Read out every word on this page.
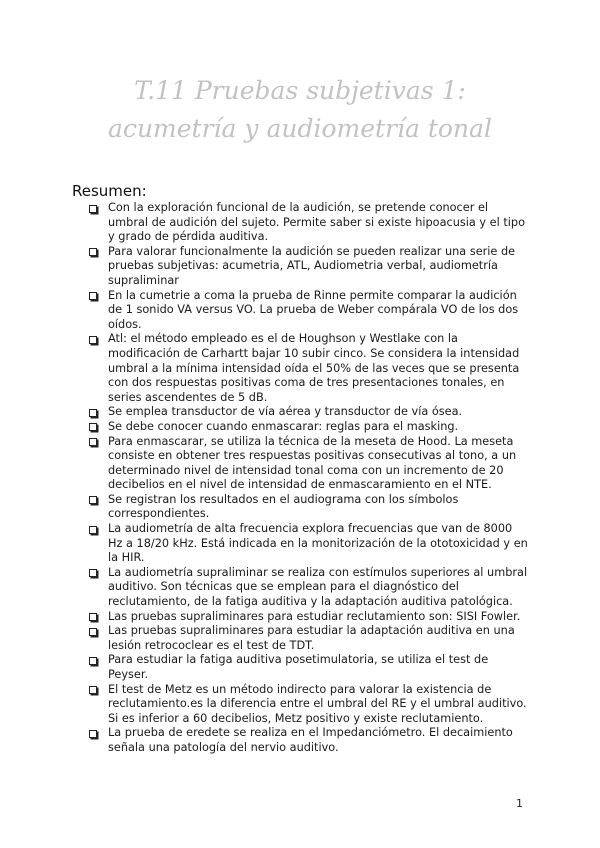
T.11 Pruebas subjetivas 1: acumetría y audiometría tonal
Resumen:
Con la exploración funcional de la audición, se pretende conocer el umbral de audición del sujeto. Permite saber si existe hipoacusia y el tipo y grado de pérdida auditiva.
Para valorar funcionalmente la audición se pueden realizar una serie de pruebas subjetivas: acumetria, ATL, Audiometria verbal, audiometría supraliminar
En la cumetrie a coma la prueba de Rinne permite comparar la audición de 1 sonido VA versus VO. La prueba de Weber compárala VO de los dos oídos.
Atl: el método empleado es el de Houghson y Westlake con la modificación de Carhartt bajar 10 subir cinco. Se considera la intensidad umbral a la mínima intensidad oída el 50% de las veces que se presenta con dos respuestas positivas coma de tres presentaciones tonales, en series ascendentes de 5 dB.
Se emplea transductor de vía aérea y transductor de vía ósea.
Se debe conocer cuando enmascarar: reglas para el masking.
Para enmascarar, se utiliza la técnica de la meseta de Hood. La meseta consiste en obtener tres respuestas positivas consecutivas al tono, a un determinado nivel de intensidad tonal coma con un incremento de 20 decibelios en el nivel de intensidad de enmascaramiento en el NTE.
Se registran los resultados en el audiograma con los símbolos correspondientes.
La audiometría de alta frecuencia explora frecuencias que van de 8000 Hz a 18/20 kHz. Está indicada en la monitorización de la ototoxicidad y en la HIR.
La audiometría supraliminar se realiza con estímulos superiores al umbral auditivo. Son técnicas que se emplean para el diagnóstico del reclutamiento, de la fatiga auditiva y la adaptación auditiva patológica.
Las pruebas supraliminares para estudiar reclutamiento son: SISI Fowler.
Las pruebas supraliminares para estudiar la adaptación auditiva en una lesión retrococlear es el test de TDT.
Para estudiar la fatiga auditiva posetimulatoria, se utiliza el test de Peyser.
El test de Metz es un método indirecto para valorar la existencia de reclutamiento.es la diferencia entre el umbral del RE y el umbral auditivo. Si es inferior a 60 decibelios, Metz positivo y existe reclutamiento.
La prueba de eredete se realiza en el Impedanciómetro. El decaimiento señala una patología del nervio auditivo.
1
